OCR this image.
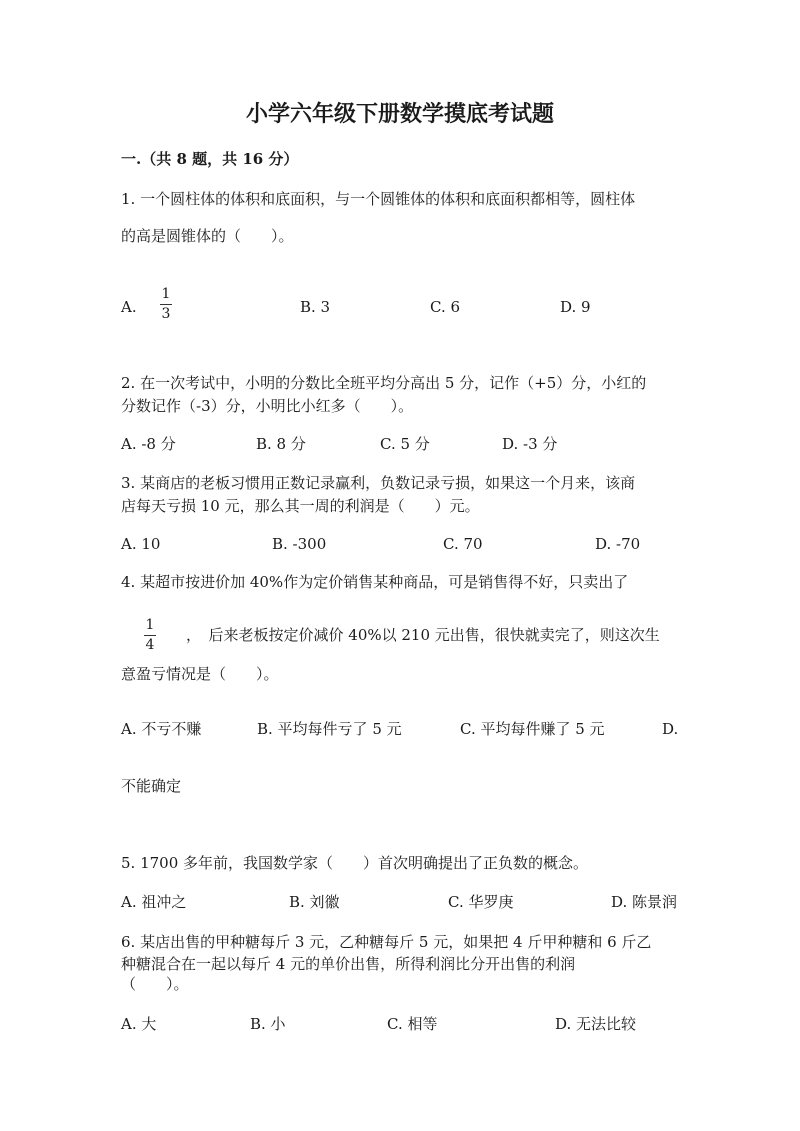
小学六年级下册数学摸底考试题
一.（共 8 题，共 16 分）
1. 一个圆柱体的体积和底面积，与一个圆锥体的体积和底面积都相等，圆柱体
的高是圆锥体的（　　）。
A.
1
3	B. 3	C. 6	D. 9
2. 在一次考试中，小明的分数比全班平均分高出 5 分，记作（+5）分，小红的
分数记作（-3）分，小明比小红多（　　）。
A. -8 分	B. 8 分	C. 5 分	D. -3 分
3. 某商店的老板习惯用正数记录赢利，负数记录亏损，如果这一个月来，该商
店每天亏损 10 元，那么其一周的利润是（　　）元。
A. 10	B. -300	C. 70	D. -70
4. 某超市按进价加 40%作为定价销售某种商品，可是销售得不好，只卖出了
1
4
，　后来老板按定价减价 40%以 210 元出售，很快就卖完了，则这次生
意盈亏情况是（　　）。
A. 不亏不赚	B. 平均每件亏了 5 元	C. 平均每件赚了 5 元	D.
不能确定
5. 1700 多年前，我国数学家（　　）首次明确提出了正负数的概念。
A. 祖冲之	B. 刘徽	C. 华罗庚	D. 陈景润
6. 某店出售的甲种糖每斤 3 元，乙种糖每斤 5 元，如果把 4 斤甲种糖和 6 斤乙
种糖混合在一起以每斤 4 元的单价出售，所得利润比分开出售的利润
（　　）。
A. 大	B. 小	C. 相等	D. 无法比较
